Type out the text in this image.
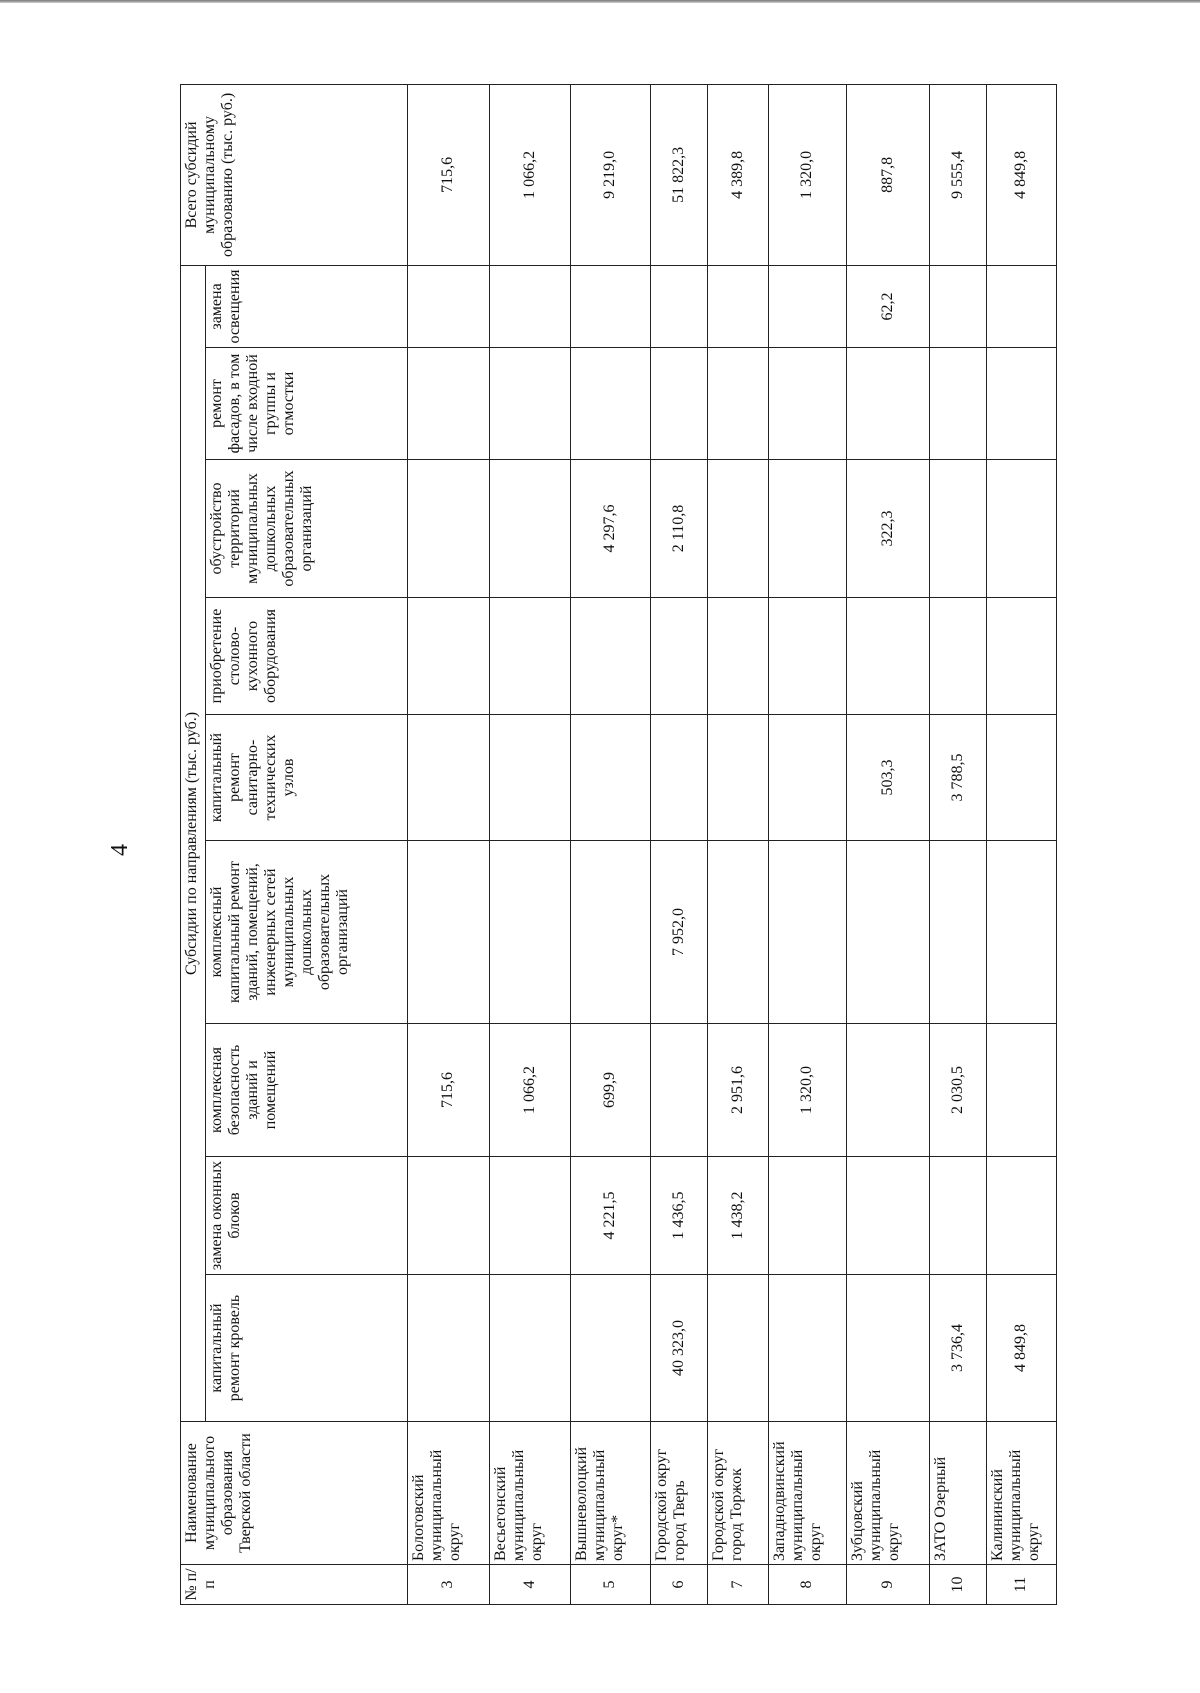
4
№ п/п	Наименование муниципального образования Тверской области	Субсидии по направлениям (тыс. руб.)									Всего субсидий муниципальному образованию (тыс. руб.)
		капитальный ремонт кровель	замена оконных блоков	комплексная безопасность зданий и помещений	комплексный капитальный ремонт зданий, помещений, инженерных сетей муниципальных дошкольных образовательных организаций	капитальный ремонт санитарно-технических узлов	приобретение столово-кухонного оборудования	обустройство территорий муниципальных дошкольных образовательных организаций	ремонт фасадов, в том числе входной группы и отмостки	замена освещения	
3	Бологовский муниципальный округ			715,6							715,6
4	Весьегонский муниципальный округ			1 066,2							1 066,2
5	Вышневолоцкий муниципальный округ*		4 221,5	699,9				4 297,6			9 219,0
6	Городской округ город Тверь	40 323,0	1 436,5		7 952,0			2 110,8			51 822,3
7	Городской округ город Торжок		1 438,2	2 951,6							4 389,8
8	Западнодвинский муниципальный округ			1 320,0							1 320,0
9	Зубцовский муниципальный округ					503,3		322,3		62,2	887,8
10	ЗАТО Озерный	3 736,4		2 030,5		3 788,5					9 555,4
11	Калининский муниципальный округ	4 849,8									4 849,8
